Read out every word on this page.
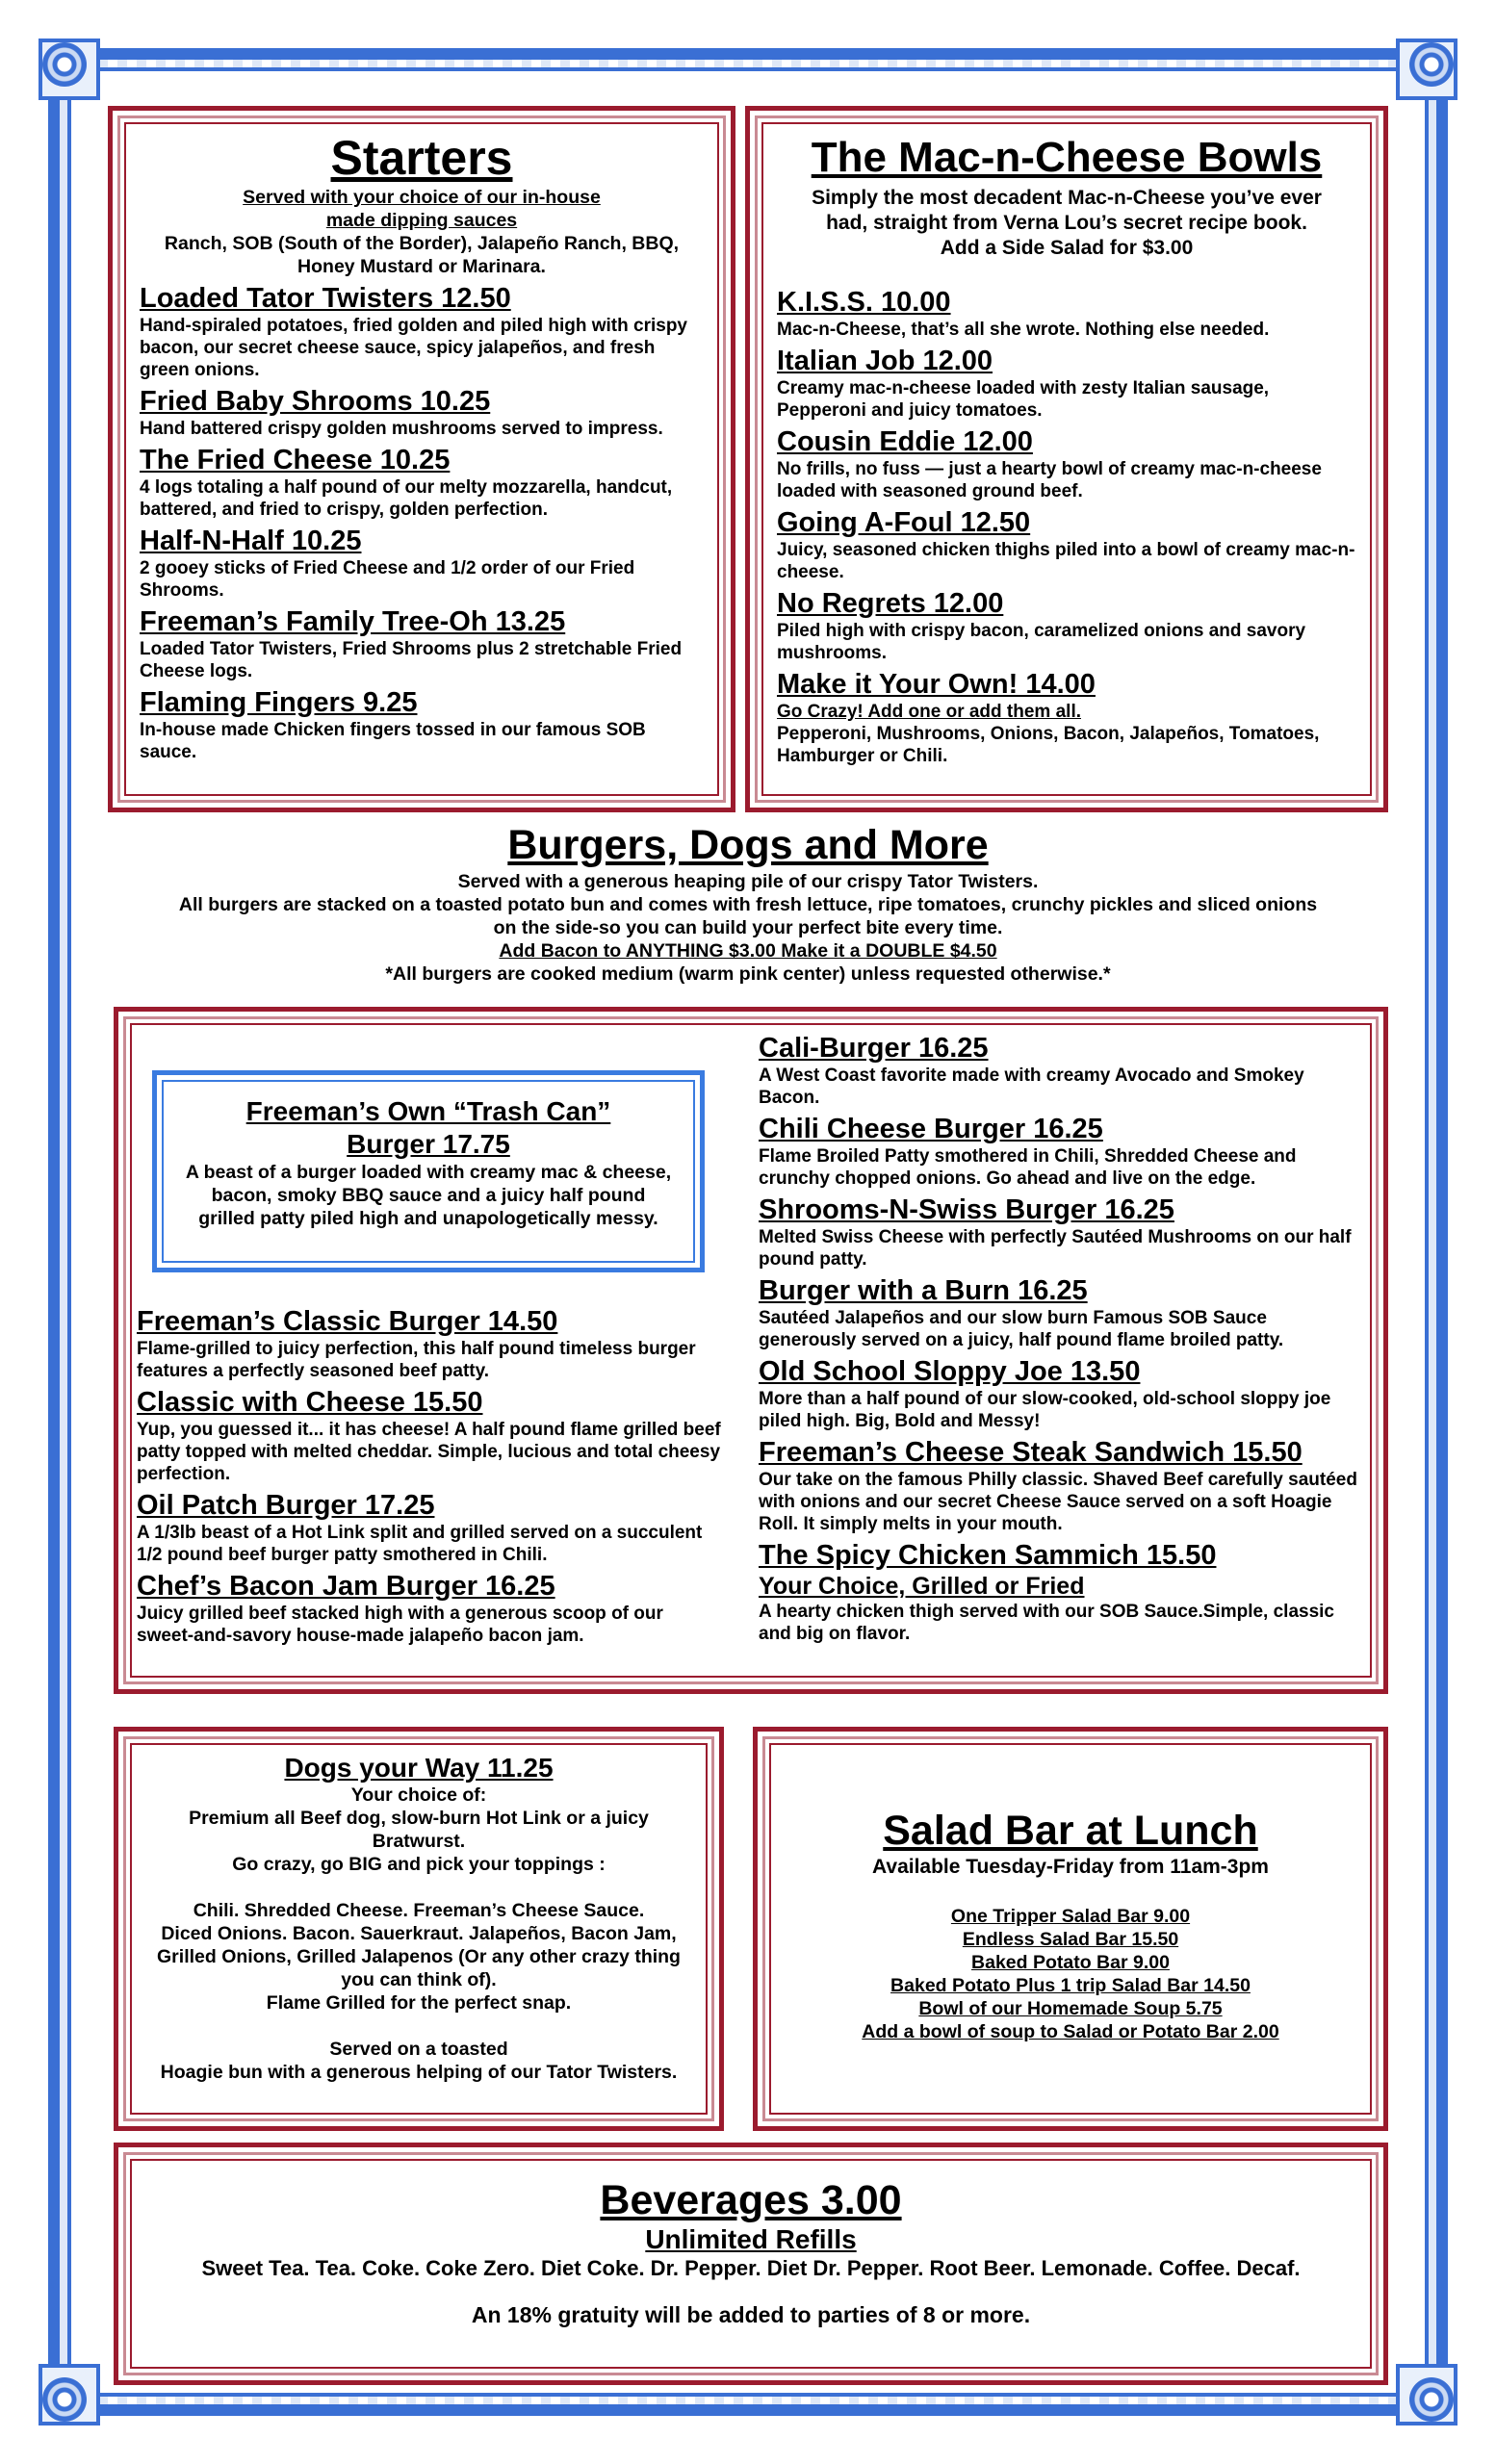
Starters
Served with your choice of our in-house
made dipping sauces
Ranch, SOB (South of the Border), Jalapeño Ranch, BBQ,
Honey Mustard or Marinara.
Loaded Tator Twisters 12.50
Hand-spiraled potatoes, fried golden and piled high with crispy bacon, our secret cheese sauce, spicy jalapeños, and fresh green onions.
Fried Baby Shrooms 10.25
Hand battered crispy golden mushrooms served to impress.
The Fried Cheese 10.25
4 logs totaling a half pound of our melty mozzarella, handcut, battered, and fried to crispy, golden perfection.
Half-N-Half 10.25
2 gooey sticks of Fried Cheese and 1/2 order of our Fried Shrooms.
Freeman’s Family Tree-Oh 13.25
Loaded Tator Twisters, Fried Shrooms plus 2 stretchable Fried Cheese logs.
Flaming Fingers 9.25
In-house made Chicken fingers tossed in our famous SOB sauce.
The Mac-n-Cheese Bowls
Simply the most decadent Mac-n-Cheese you’ve ever
had, straight from Verna Lou’s secret recipe book.
Add a Side Salad for $3.00
K.I.S.S. 10.00
Mac-n-Cheese, that’s all she wrote. Nothing else needed.
Italian Job 12.00
Creamy mac-n-cheese loaded with zesty Italian sausage, Pepperoni and juicy tomatoes.
Cousin Eddie 12.00
No frills, no fuss — just a hearty bowl of creamy mac-n-cheese loaded with seasoned ground beef.
Going A-Foul 12.50
Juicy, seasoned chicken thighs piled into a bowl of creamy mac-n-cheese.
No Regrets 12.00
Piled high with crispy bacon, caramelized onions and savory mushrooms.
Make it Your Own! 14.00
Go Crazy! Add one or add them all.
Pepperoni, Mushrooms, Onions, Bacon, Jalapeños, Tomatoes, Hamburger or Chili.
Burgers, Dogs and More
Served with a generous heaping pile of our crispy Tator Twisters.
All burgers are stacked on a toasted potato bun and comes with fresh lettuce, ripe tomatoes, crunchy pickles and sliced onions
on the side-so you can build your perfect bite every time.
Add Bacon to ANYTHING $3.00 Make it a DOUBLE $4.50
*All burgers are cooked medium (warm pink center) unless requested otherwise.*
Freeman’s Own “Trash Can”
Burger 17.75
A beast of a burger loaded with creamy mac & cheese, bacon, smoky BBQ sauce and a juicy half pound grilled patty piled high and unapologetically messy.
Freeman’s Classic Burger 14.50
Flame-grilled to juicy perfection, this half pound timeless burger features a perfectly seasoned beef patty.
Classic with Cheese 15.50
Yup, you guessed it... it has cheese! A half pound flame grilled beef patty topped with melted cheddar. Simple, lucious and total cheesy perfection.
Oil Patch Burger 17.25
A 1/3lb beast of a Hot Link split and grilled served on a succulent 1/2 pound beef burger patty smothered in Chili.
Chef’s Bacon Jam Burger 16.25
Juicy grilled beef stacked high with a generous scoop of our sweet-and-savory house-made jalapeño bacon jam.
Cali-Burger 16.25
A West Coast favorite made with creamy Avocado and Smokey Bacon.
Chili Cheese Burger 16.25
Flame Broiled Patty smothered in Chili, Shredded Cheese and crunchy chopped onions. Go ahead and live on the edge.
Shrooms-N-Swiss Burger 16.25
Melted Swiss Cheese with perfectly Sautéed Mushrooms on our half pound patty.
Burger with a Burn 16.25
Sautéed Jalapeños and our slow burn Famous SOB Sauce generously served on a juicy, half pound flame broiled patty.
Old School Sloppy Joe 13.50
More than a half pound of our slow-cooked, old-school sloppy joe piled high. Big, Bold and Messy!
Freeman’s Cheese Steak Sandwich 15.50
Our take on the famous Philly classic. Shaved Beef carefully sautéed with onions and our secret Cheese Sauce served on a soft Hoagie Roll. It simply melts in your mouth.
The Spicy Chicken Sammich 15.50
Your Choice, Grilled or Fried
A hearty chicken thigh served with our SOB Sauce.Simple, classic and big on flavor.
Dogs your Way 11.25
Your choice of:
Premium all Beef dog, slow-burn Hot Link or a juicy
Bratwurst.
Go crazy, go BIG and pick your toppings :
Chili. Shredded Cheese. Freeman’s Cheese Sauce.
Diced Onions. Bacon. Sauerkraut. Jalapeños, Bacon Jam,
Grilled Onions, Grilled Jalapenos (Or any other crazy thing
you can think of).
Flame Grilled for the perfect snap.
Served on a toasted
Hoagie bun with a generous helping of our Tator Twisters.
Salad Bar at Lunch
Available Tuesday-Friday from 11am-3pm
One Tripper Salad Bar 9.00
Endless Salad Bar 15.50
Baked Potato Bar 9.00
Baked Potato Plus 1 trip Salad Bar 14.50
Bowl of our Homemade Soup 5.75
Add a bowl of soup to Salad or Potato Bar 2.00
Beverages 3.00
Unlimited Refills
Sweet Tea. Tea. Coke. Coke Zero. Diet Coke. Dr. Pepper. Diet Dr. Pepper. Root Beer. Lemonade. Coffee. Decaf.
An 18% gratuity will be added to parties of 8 or more.
